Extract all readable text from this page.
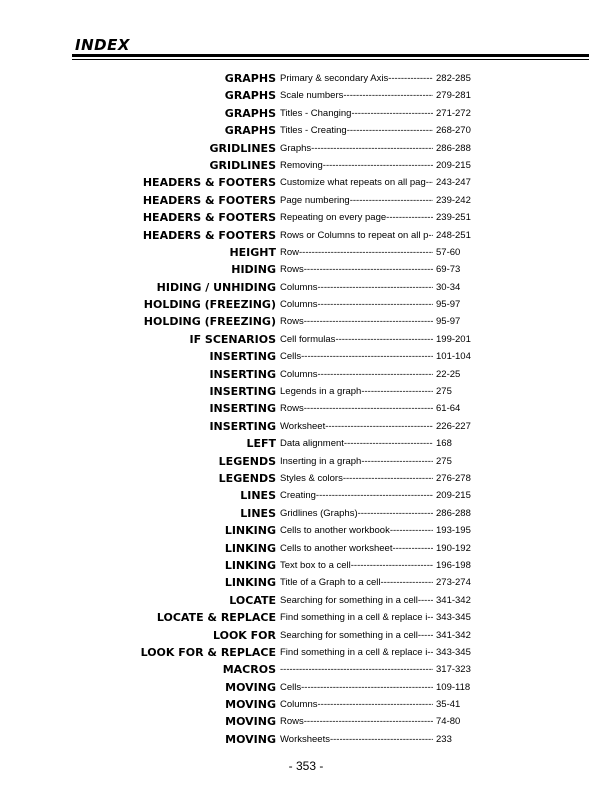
INDEX
GRAPHS Primary & secondary Axis -----	282-285
GRAPHS Scale numbers -----	279-281
GRAPHS Titles - Changing -----	271-272
GRAPHS Titles - Creating -----	268-270
GRIDLINES Graphs -----	286-288
GRIDLINES Removing -----	209-215
HEADERS & FOOTERS Customize what repeats on all pag -----	243-247
HEADERS & FOOTERS Page numbering -----	239-242
HEADERS & FOOTERS Repeating on every page -----	239-251
HEADERS & FOOTERS Rows or Columns to repeat on all p ----- 248-251
HEIGHT Row -----	57-60
HIDING Rows -----	69-73
HIDING / UNHIDING Columns -----	30-34
HOLDING (FREEZING) Columns -----	95-97
HOLDING (FREEZING) Rows -----	95-97
IF SCENARIOS Cell formulas -----	199-201
INSERTING Cells -----	101-104
INSERTING Columns -----	22-25
INSERTING Legends in a graph -----	275
INSERTING Rows -----	61-64
INSERTING Worksheet -----	226-227
LEFT Data alignment -----	168
LEGENDS Inserting in a graph -----	275
LEGENDS Styles & colors -----	276-278
LINES Creating -----	209-215
LINES Gridlines (Graphs) -----	286-288
LINKING Cells to another workbook -----	193-195
LINKING Cells to another worksheet -----	190-192
LINKING Text box to a cell -----	196-198
LINKING Title of a Graph to a cell -----	273-274
LOCATE Searching for something in a cell -----	341-342
LOCATE & REPLACE Find something in a cell & replace i ----- 343-345
LOOK FOR Searching for something in a cell -----	341-342
LOOK FOR & REPLACE Find something in a cell & replace i ----- 343-345
MACROS -----	317-323
MOVING Cells -----	109-118
MOVING Columns -----	35-41
MOVING Rows -----	74-80
MOVING Worksheets -----	233
- 353 -
